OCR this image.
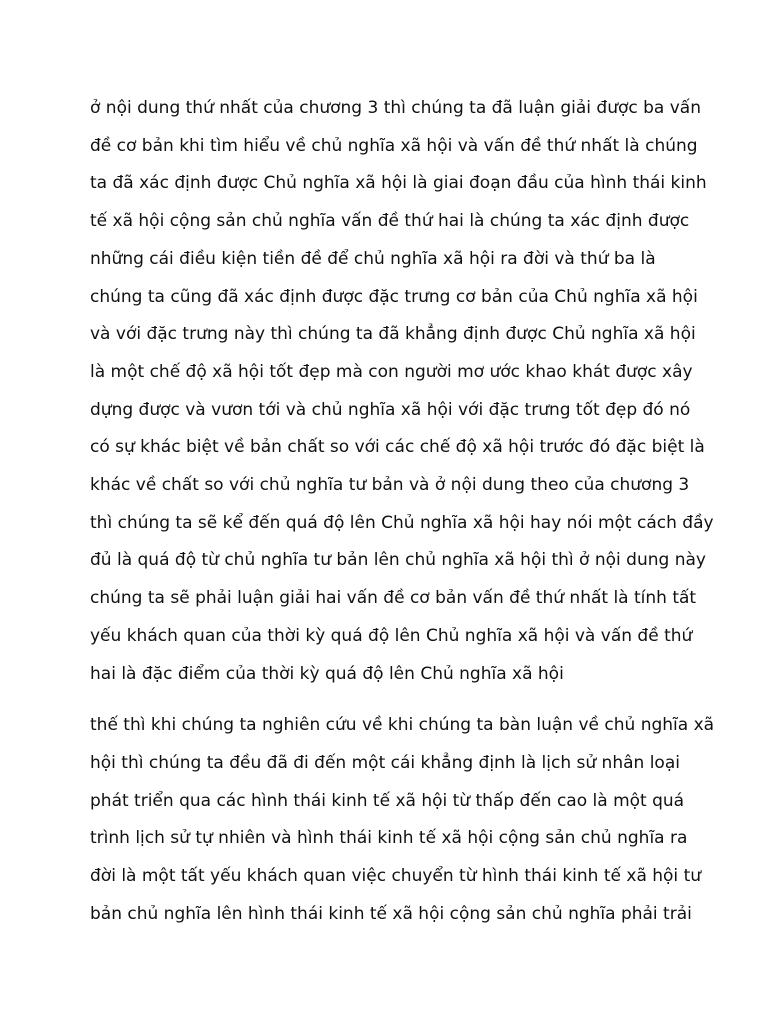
ở nội dung thứ nhất của chương 3 thì chúng ta đã luận giải được ba vấn
đề cơ bản khi tìm hiểu về chủ nghĩa xã hội và vấn đề thứ nhất là chúng
ta đã xác định được Chủ nghĩa xã hội là giai đoạn đầu của hình thái kinh
tế xã hội cộng sản chủ nghĩa vấn đề thứ hai là chúng ta xác định được
những cái điều kiện tiền đề để chủ nghĩa xã hội ra đời và thứ ba là
chúng ta cũng đã xác định được đặc trưng cơ bản của Chủ nghĩa xã hội
và với đặc trưng này thì chúng ta đã khẳng định được Chủ nghĩa xã hội
là một chế độ xã hội tốt đẹp mà con người mơ ước khao khát được xây
dựng được và vươn tới và chủ nghĩa xã hội với đặc trưng tốt đẹp đó nó
có sự khác biệt về bản chất so với các chế độ xã hội trước đó đặc biệt là
khác về chất so với chủ nghĩa tư bản và ở nội dung theo của chương 3
thì chúng ta sẽ kể đến quá độ lên Chủ nghĩa xã hội hay nói một cách đầy
đủ là quá độ từ chủ nghĩa tư bản lên chủ nghĩa xã hội thì ở nội dung này
chúng ta sẽ phải luận giải hai vấn đề cơ bản vấn đề thứ nhất là tính tất
yếu khách quan của thời kỳ quá độ lên Chủ nghĩa xã hội và vấn đề thứ
hai là đặc điểm của thời kỳ quá độ lên Chủ nghĩa xã hội

thế thì khi chúng ta nghiên cứu về khi chúng ta bàn luận về chủ nghĩa xã
hội thì chúng ta đều đã đi đến một cái khẳng định là lịch sử nhân loại
phát triển qua các hình thái kinh tế xã hội từ thấp đến cao là một quá
trình lịch sử tự nhiên và hình thái kinh tế xã hội cộng sản chủ nghĩa ra
đời là một tất yếu khách quan việc chuyển từ hình thái kinh tế xã hội tư
bản chủ nghĩa lên hình thái kinh tế xã hội cộng sản chủ nghĩa phải trải
